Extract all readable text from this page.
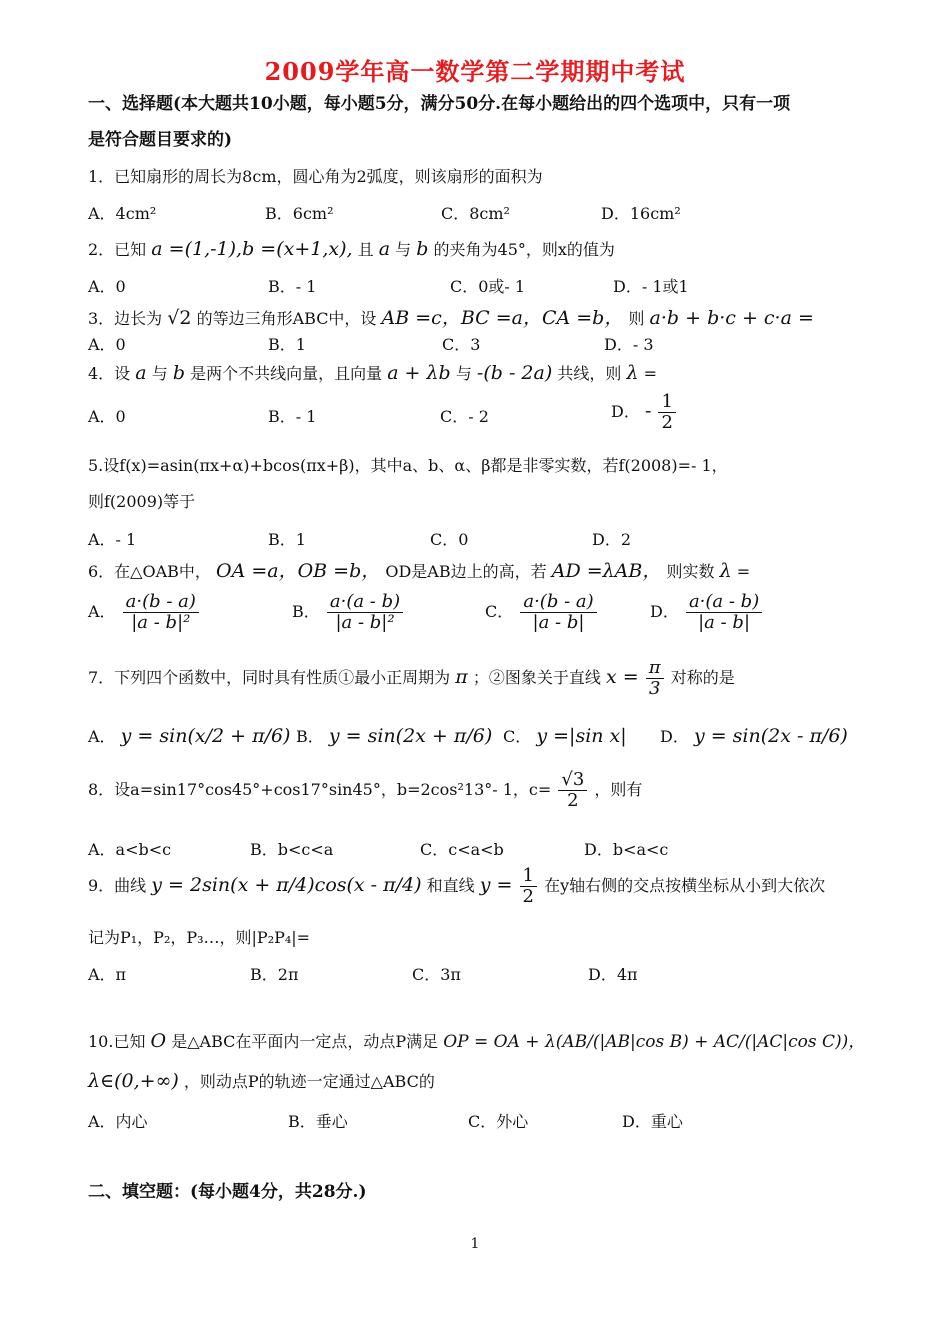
2009学年高一数学第二学期期中考试
一、选择题(本大题共10小题，每小题5分，满分50分.在每小题给出的四个选项中，只有一项
是符合题目要求的)
1．已知扇形的周长为8cm，圆心角为2弧度，则该扇形的面积为
A．4cm²	B．6cm²	C．8cm²	D．16cm²
2．已知 a =(1,-1),b =(x+1,x), 且 a 与 b 的夹角为45°，则x的值为
A．0	B．- 1	C．0或- 1	D．- 1或1
3．边长为 √2 的等边三角形ABC中，设 AB =c，BC =a，CA =b， 则 a·b + b·c + c·a =
A．0	B．1	C．3	D．- 3
4．设 a 与 b 是两个不共线向量，且向量 a + λb 与 -(b - 2a) 共线，则 λ =
A．0	B．- 1	C．- 2	D． - $\frac{1}{2}$
5.设f(x)=asin(πx+α)+bcos(πx+β)，其中a、b、α、β都是非零实数，若f(2008)=- 1，
则f(2009)等于
A．- 1	B．1	C．0	D．2
6．在△OAB中， OA =a，OB =b， OD是AB边上的高，若 AD =λAB， 则实数 λ =
A． $\frac{a\cdot(b - a)}{\text{|a - b|²}}$	B． $\frac{a\cdot(a - b)}{\text{|a - b|²}}$	C． $\frac{a\cdot(b - a)}{|a - b|}$	D． $\frac{a\cdot(a - b)}{|a - b|}$
7．下列四个函数中，同时具有性质①最小正周期为 π ；②图象关于直线 $x = \frac{\pi}{3}$ 对称的是
A． y = sin(x/2 + π/6) B． y = sin(2x + π/6) C． y =|sin x| D． y = sin(2x - π/6)
8．设a=sin17°cos45°+cos17°sin45°，b=2cos²13°- 1，$c= \frac{√3}{2}$ ，则有
A．a<b<c	B．b<c<a	C．c<a<b	D．b<a<c
9．曲线 y = 2sin(x + π/4)cos(x - π/4) 和直线 $y = \frac{1}{2}$ 在y轴右侧的交点按横坐标从小到大依次
记为P₁，P₂，P₃…，则|P₂P₄|=
A．π	B．2π	C．3π	D．4π
10.已知 O 是△ABC在平面内一定点，动点P满足 OP = OA + λ(AB/(|AB|cos B) + AC/(|AC|cos C))，
λ∈(0,+∞) ，则动点P的轨迹一定通过△ABC的
A．内心	B．垂心	C．外心	D．重心
二、填空题：(每小题4分，共28分.)
1
